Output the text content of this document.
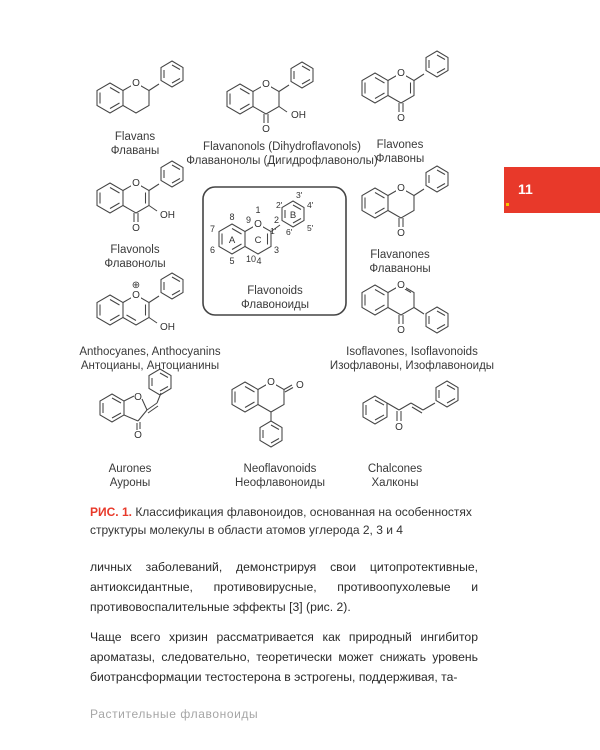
O
O
OH
O
O
O
O
OH
O
O
A C
B
1
2
3
4
5
6
7
8 9
10
1'
2'
3'
4'
5'
6'	O
O
OH
O
⊕
O
O
O
O
O
O
O
Flavans
Флаваны	Flavanonols (Dihydroflavonols)
Флаванонолы (Дигидрофлавонолы)
Flavones
Флавоны
Flavonols
Флавонолы
Flavonoids
Флавоноиды
Flavanones
Флаваноны
Anthocyanes, Anthocyanins
Антоцианы, Антоцианины
Isoflavones, Isoflavonoids
Изофлавоны, Изофлавоноиды
Aurones
Ауроны
Neoflavonoids
Неофлавоноиды
Chalcones
Халконы
11
РИС. 1. Классификация флавоноидов, основанная на особенностях структуры молекулы в области атомов углерода 2, 3 и 4

личных заболеваний, демонстрируя свои цитопротективные, антиоксидантные, противовирусные, противоопухолевые и противовоспалительные эффекты [3] (рис. 2).

Чаще всего хризин рассматривается как природный ингибитор ароматазы, следовательно, теоретически может снижать уровень биотрансформации тестостерона в эстрогены, поддерживая, та-

Растительные флавоноиды
